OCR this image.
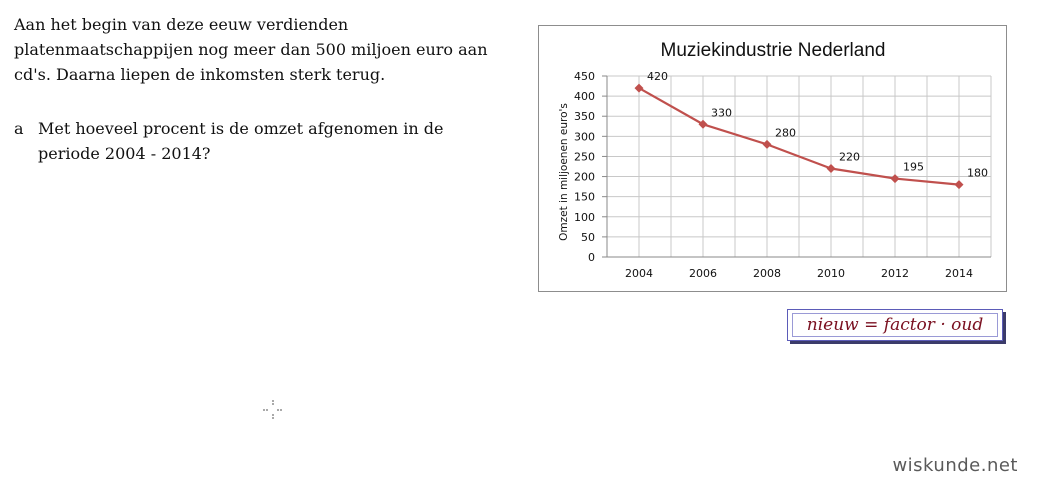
Aan het begin van deze eeuw verdienden

platenmaatschappijen nog meer dan 500 miljoen euro aan

cd's. Daarna liepen de inkomsten sterk terug.

a Met hoeveel procent is de omzet afgenomen in de
periode 2004 - 2014?
0
50
100
150
200
250
300
350
400
450
2004	2006	2008	2010	2012	2014
420
330
280
220
195	180
Muziekindustrie Nederland
Omzet in miljoenen euro's
nieuw = factor · oud
wiskunde.net
